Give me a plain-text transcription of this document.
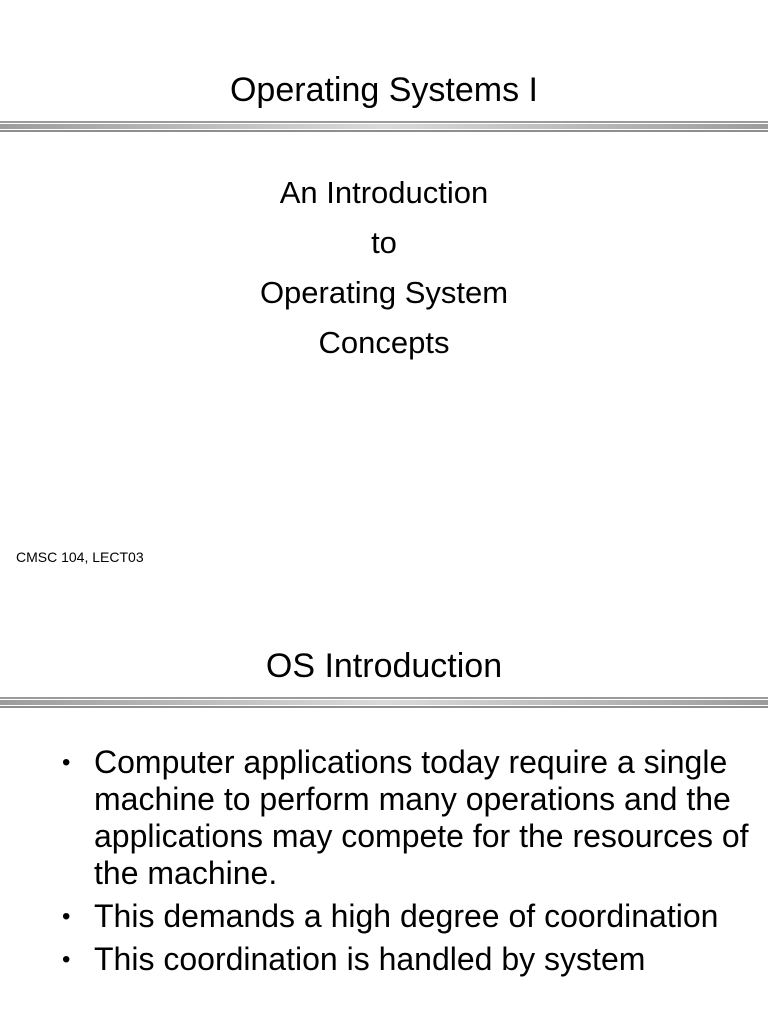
Operating Systems I
An Introduction
to
Operating System
Concepts
CMSC 104, LECT03
OS Introduction
• Computer applications today require a single machine to perform many operations and the applications may compete for the resources of the machine.
• This demands a high degree of coordination
• This coordination is handled by system
